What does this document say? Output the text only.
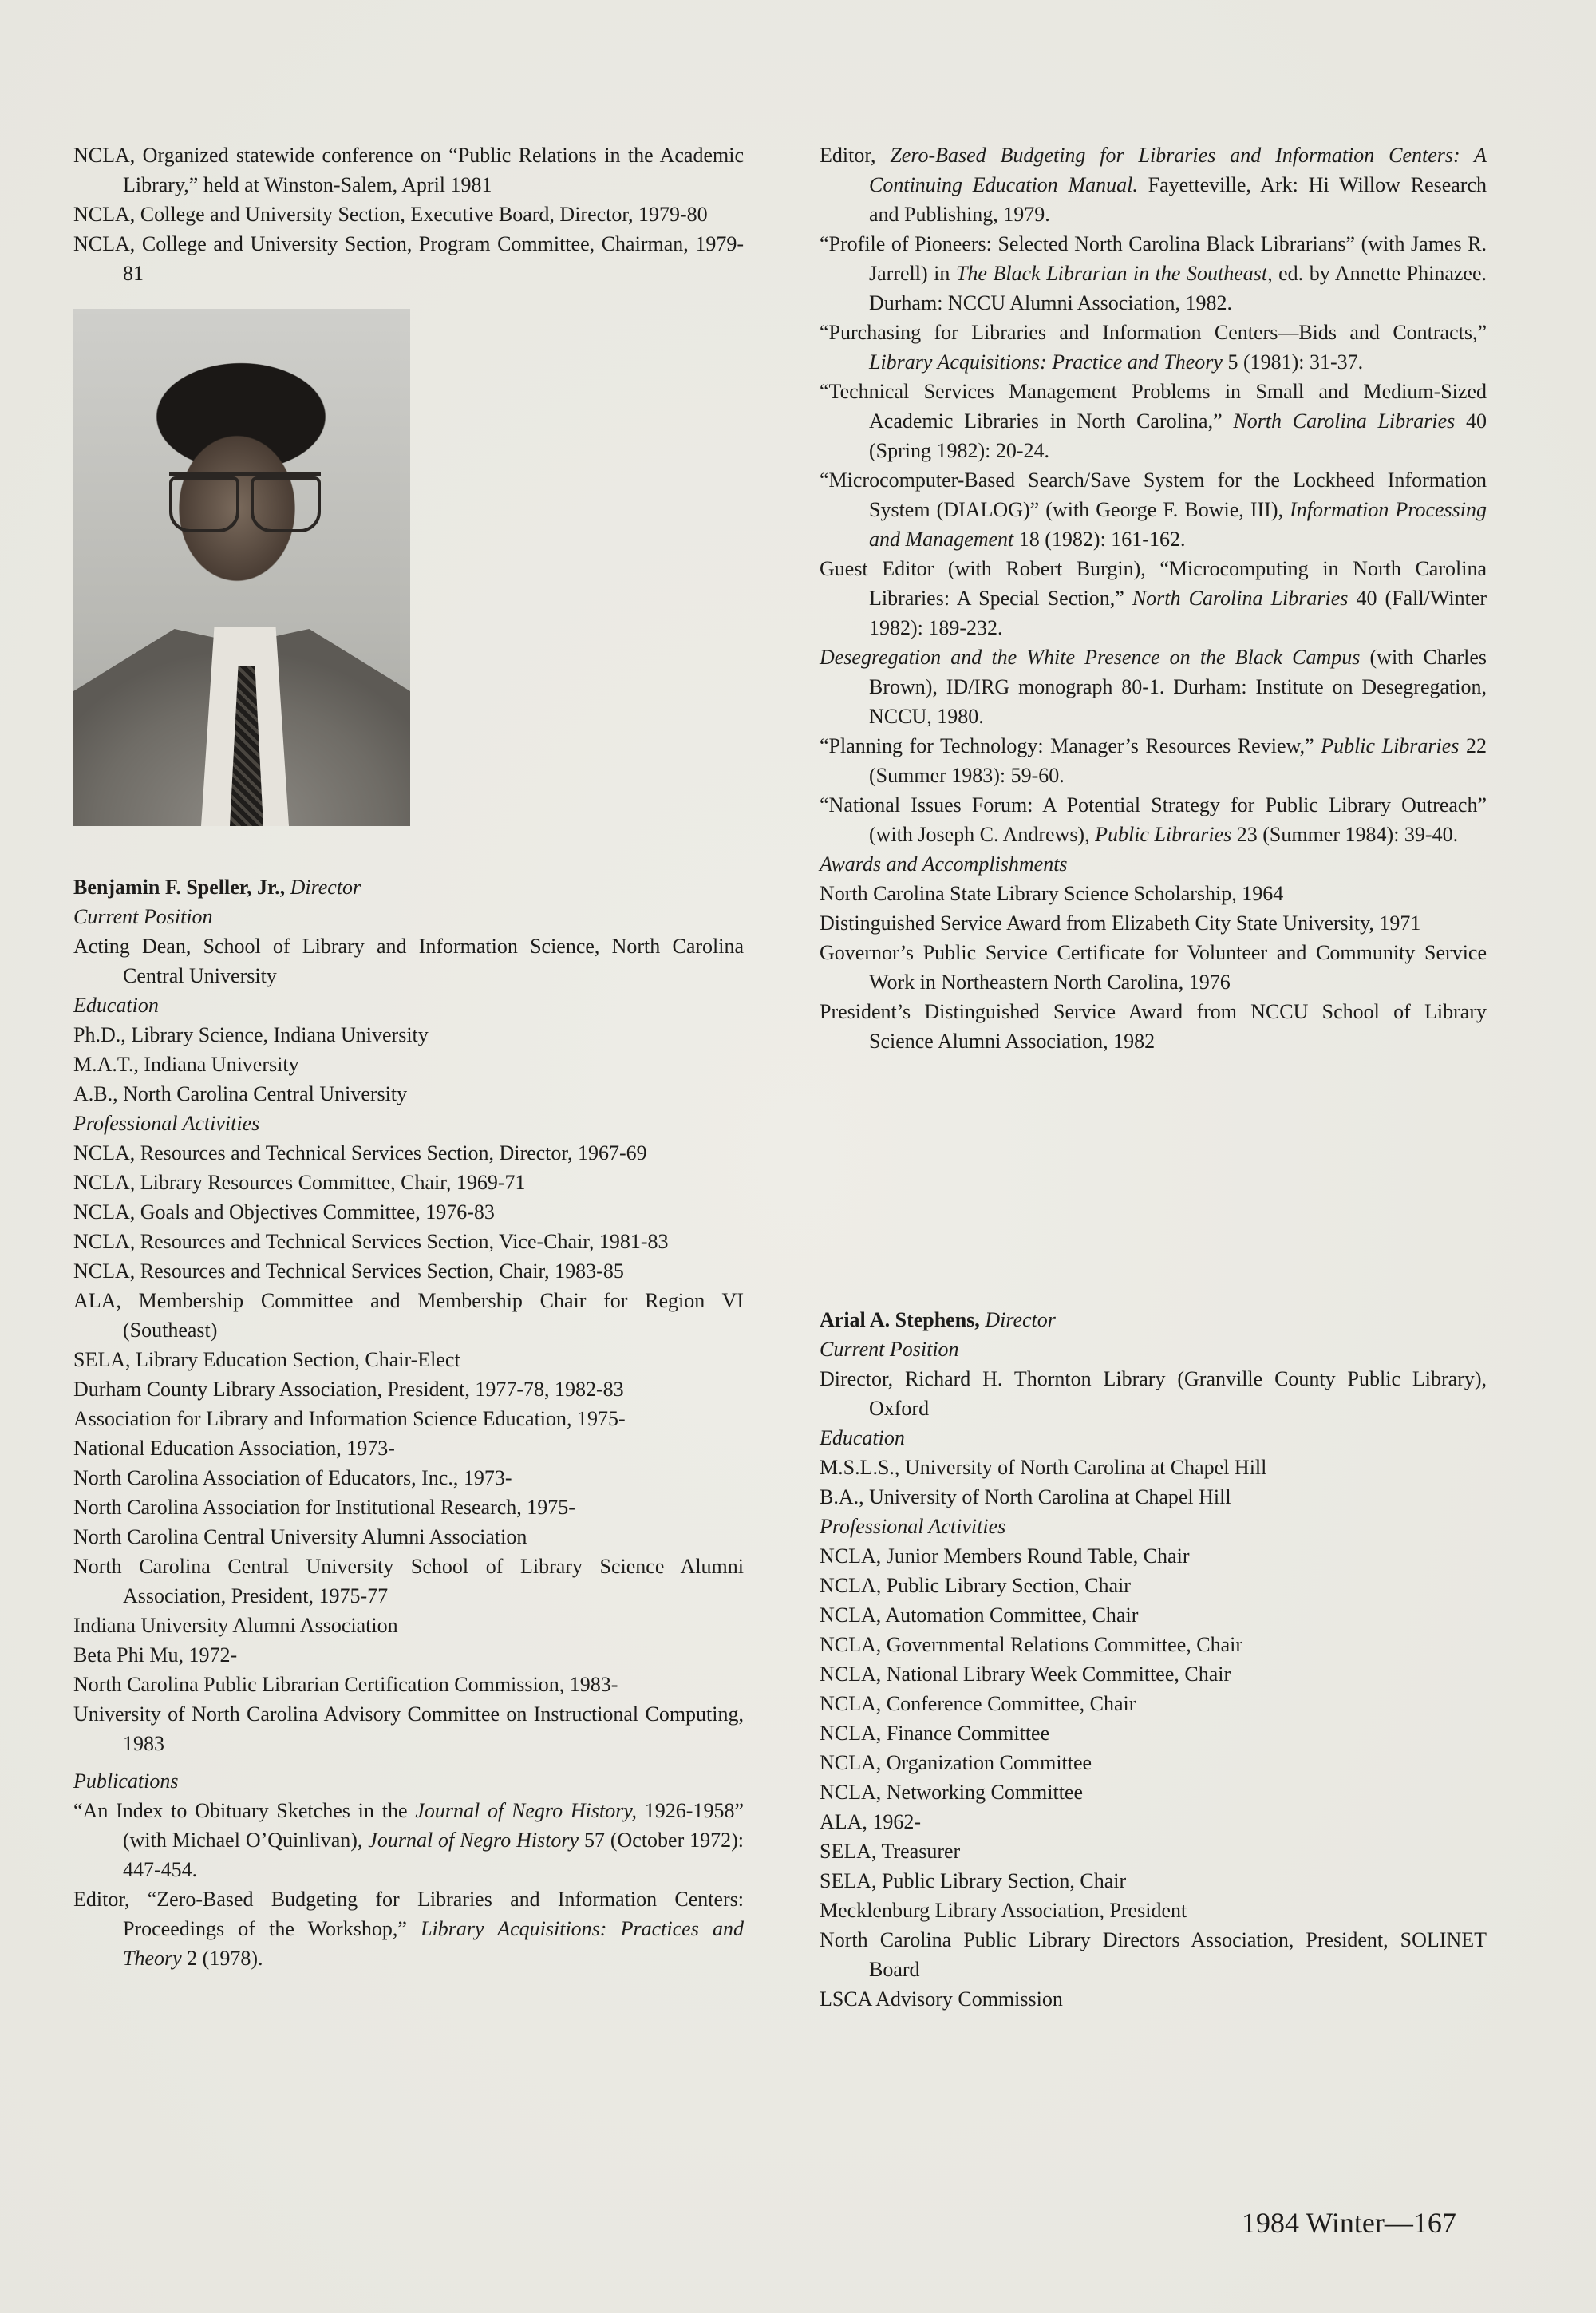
NCLA, Organized statewide conference on “Public Relations in the Academic Library,” held at Winston-Salem, April 1981

NCLA, College and University Section, Executive Board, Director, 1979-80

NCLA, College and University Section, Program Committee, Chairman, 1979-81

Benjamin F. Speller, Jr., Director

Current Position

Acting Dean, School of Library and Information Science, North Carolina Central University

Education

Ph.D., Library Science, Indiana University

M.A.T., Indiana University

A.B., North Carolina Central University

Professional Activities

NCLA, Resources and Technical Services Section, Director, 1967-69

NCLA, Library Resources Committee, Chair, 1969-71

NCLA, Goals and Objectives Committee, 1976-83

NCLA, Resources and Technical Services Section, Vice-Chair, 1981-83

NCLA, Resources and Technical Services Section, Chair, 1983-85

ALA, Membership Committee and Membership Chair for Region VI (Southeast)

SELA, Library Education Section, Chair-Elect

Durham County Library Association, President, 1977-78, 1982-83

Association for Library and Information Science Education, 1975-

National Education Association, 1973-

North Carolina Association of Educators, Inc., 1973-

North Carolina Association for Institutional Research, 1975-

North Carolina Central University Alumni Association

North Carolina Central University School of Library Science Alumni Association, President, 1975-77

Indiana University Alumni Association

Beta Phi Mu, 1972-

North Carolina Public Librarian Certification Commission, 1983-

University of North Carolina Advisory Committee on Instructional Computing, 1983

Publications

“An Index to Obituary Sketches in the Journal of Negro History, 1926-1958” (with Michael O’Quinlivan), Journal of Negro History 57 (October 1972): 447-454.

Editor, “Zero-Based Budgeting for Libraries and Information Centers: Proceedings of the Workshop,” Library Acquisitions: Practices and Theory 2 (1978).

Editor, Zero-Based Budgeting for Libraries and Information Centers: A Continuing Education Manual. Fayetteville, Ark: Hi Willow Research and Publishing, 1979.

“Profile of Pioneers: Selected North Carolina Black Librarians” (with James R. Jarrell) in The Black Librarian in the Southeast, ed. by Annette Phinazee. Durham: NCCU Alumni Association, 1982.

“Purchasing for Libraries and Information Centers—Bids and Contracts,” Library Acquisitions: Practice and Theory 5 (1981): 31-37.

“Technical Services Management Problems in Small and Medium-Sized Academic Libraries in North Carolina,” North Carolina Libraries 40 (Spring 1982): 20-24.

“Microcomputer-Based Search/Save System for the Lockheed Information System (DIALOG)” (with George F. Bowie, III), Information Processing and Management 18 (1982): 161-162.

Guest Editor (with Robert Burgin), “Microcomputing in North Carolina Libraries: A Special Section,” North Carolina Libraries 40 (Fall/Winter 1982): 189-232.

Desegregation and the White Presence on the Black Campus (with Charles Brown), ID/IRG monograph 80-1. Durham: Institute on Desegregation, NCCU, 1980.

“Planning for Technology: Manager’s Resources Review,” Public Libraries 22 (Summer 1983): 59-60.

“National Issues Forum: A Potential Strategy for Public Library Outreach” (with Joseph C. Andrews), Public Libraries 23 (Summer 1984): 39-40.

Awards and Accomplishments

North Carolina State Library Science Scholarship, 1964

Distinguished Service Award from Elizabeth City State University, 1971

Governor’s Public Service Certificate for Volunteer and Community Service Work in Northeastern North Carolina, 1976

President’s Distinguished Service Award from NCCU School of Library Science Alumni Association, 1982

Arial A. Stephens, Director

Current Position

Director, Richard H. Thornton Library (Granville County Public Library), Oxford

Education

M.S.L.S., University of North Carolina at Chapel Hill

B.A., University of North Carolina at Chapel Hill

Professional Activities

NCLA, Junior Members Round Table, Chair

NCLA, Public Library Section, Chair

NCLA, Automation Committee, Chair

NCLA, Governmental Relations Committee, Chair

NCLA, National Library Week Committee, Chair

NCLA, Conference Committee, Chair

NCLA, Finance Committee

NCLA, Organization Committee

NCLA, Networking Committee

ALA, 1962-

SELA, Treasurer

SELA, Public Library Section, Chair

Mecklenburg Library Association, President

North Carolina Public Library Directors Association, President, SOLINET Board

LSCA Advisory Commission

1984 Winter—167
